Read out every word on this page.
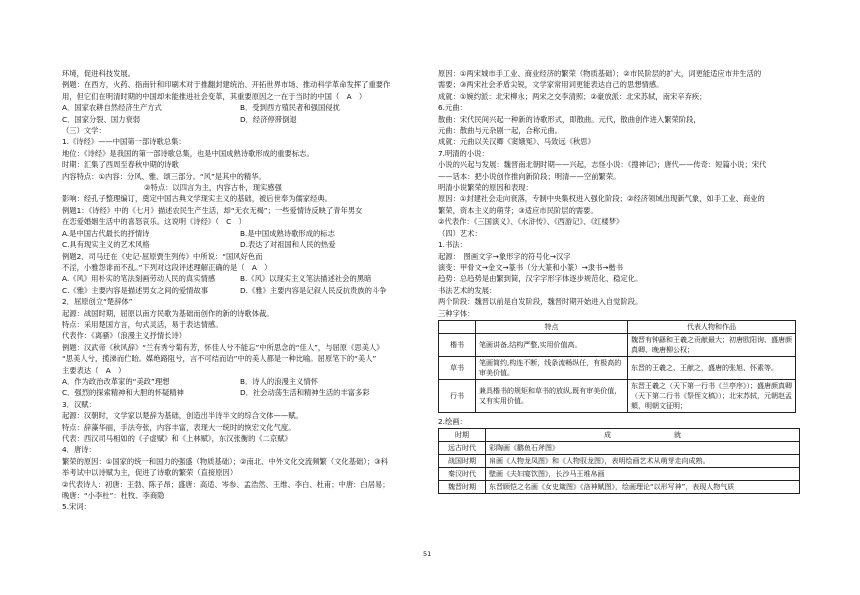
环境，促进科技发展。

例题：在西方，火药、指南针和印刷术对于推翻封建统治、开拓世界市场、推动科学革命发挥了重要作

用，但它们在明清时期的中国却未能推进社会变革，其重要原因之一在于当时的中国（　A　）

A．国家农耕自然经济生产方式	B．受到西方殖民者和强国侵扰

C．国家分裂、国力衰弱	D．经济停滞倒退

（三）文学：

1.《诗经》——中国第一部诗歌总集：

地位：《诗经》是我国的第一部诗歌总集，也是中国成熟诗歌形成的重要标志。

时期：汇集了西周至春秋中期的诗歌

内容特点：①内容：分风、雅、颂三部分。“风”是其中的精华。

②特点：以四言为主，内容古朴，现实感强

影响：经孔子整理编订，奠定中国古典文学现实主义的基础，被后世奉为儒家经典。

例题1：《诗经》中的《七月》描述农民生产生活，却“无衣无褐”；一些爱情诗反映了青年男女

在恋爱婚姻生活中的喜怒哀乐。这说明《诗经》（　C　）

A.是中国古代最长的抒情诗	B.是中国成熟诗歌形成的标志

C.具有现实主义的艺术风格	D.表达了对祖国和人民的热爱

例题2．司马迁在《史记·屈原贾生列传》中所说：“国风好色而

不淫，小雅怨诽而不乱。”下列对这段评述理解正确的是（　A　）

A.《风》用朴实的笔法刻画劳动人民的真实情感	B.《风》以现实主义笔法描述社会的黑暗

C.《雅》主要内容是描述男女之间的爱情故事	D.《雅》主要内容是记叙人民反抗贵族的斗争

2．屈原创立“楚辞体”

起源：战国时期，屈原以南方民歌为基础而创作的新的诗歌体裁。

特点：采用楚国方言，句式灵活，易于表达情感。

代表作：《离骚》（浪漫主义抒情长诗）

例题：汉武帝《秋风辞》“兰有秀兮菊有芳，怀佳人兮不能忘”中所思念的“佳人”，与屈原《思美人》

“思美人兮，揽涕而伫眙。媒绝路阻兮，言不可结而诒”中的美人都是一种比喻。屈原笔下的“美人”

主要表达（　A　）

A．作为政治改革家的“美政”理想	B．诗人的浪漫主义情怀

C．强烈的探索精神和大胆的怀疑精神	D．社会动荡生活和精神生活的丰富多彩

3．汉赋：

起源：汉朝时，文学家以楚辞为基础，创造出半诗半文的综合文体——赋。

特点：辞藻华丽，手法夸张，内容丰富，表现大一统时的恢宏文化气度。

代表：西汉司马相如的《子虚赋》和《上林赋》，东汉张衡的《二京赋》

4．唐诗：

繁荣的原因：①国家的统一和国力的强盛（物质基础）；②南北、中外文化交流频繁（文化基础）；③科

举考试中以诗赋为主，促进了诗歌的繁荣（直接原因）

②代表诗人：初唐：王勃、陈子昂；盛唐：高适、岑参、孟浩然、王维、李白、杜甫；中唐：白居易；

晚唐：“小李杜”：杜牧、李商隐

5.宋词：

原因：①两宋城市手工业、商业经济的繁荣（物质基础）；②市民阶层的扩大，词更能适应市井生活的

需要；③两宋社会矛盾尖锐，文学家常用词更能表达自己的思想情感。

成就：①婉约派：北宋柳永；两宋之交李清照；②豪放派：北宋苏轼，南宋辛弃疾；

6.元曲：

散曲：宋代民间兴起一种新的诗歌形式，即散曲。元代，散曲创作进入繁荣阶段，

元曲：散曲与元杂剧一起，合称元曲。

成就：元曲以关汉卿《窦娥冤》、马致远《秋思》

7.明清的小说：

小说的兴起与发展：魏晋南北朝时期——兴起，志怪小说：《搜神记》；唐代——传奇：短篇小说；宋代

——话本：把小说创作推向新阶段；明清——空前繁荣。

明清小说繁荣的原因和表现：

原因：①封建社会走向衰落，专制中央集权进入强化阶段；②经济领域出现新气象，如手工业、商业的

繁荣，资本主义的萌芽；③适应市民阶层的需要。

②代表作：《三国演义》、《水浒传》、《西游记》、《红楼梦》

（四）艺术：

1.书法：

起源：　图画文字→象形字的符号化→汉字

演变：甲骨文→金文→篆书（分大篆和小篆）→隶书→楷书

趋势：总趋势是由繁到简，汉字字形字体逐步规范化、稳定化。

书法艺术的发展：

两个阶段：魏晋以前是自发阶段，魏晋时期开始进入自觉阶段。

三种字体：

	特点	代表人物和作品
楷书	笔画讲备,结构严整,实用价值高。	魏晋有钟繇和王羲之贡献最大；初唐欧阳询、盛唐颜真卿、晚唐柳公权；
草书	笔画简约,构连不断，线条流畅纵任，有极高的审美价值。	东晋的王羲之、王献之，盛唐的张旭、怀素等。
行书	兼具楷书的规矩和草书的放纵,既有审美价值，又有实用价值。	东晋王羲之（天下第一行书《兰亭序》）；盛唐颜真卿（天下第二行书《祭侄文稿》）；北宋苏轼，元朝赵孟頫，明朝文征明；

2.绘画：

时期	成　　　　　　　　　就
远古时代	彩陶画《鹳鱼石斧图》
战国时期	帛画《人物龙凤图》和《人物驭龙图》，表明绘画艺术从萌芽走向成熟。
秦汉时代	壁画《夫妇宴饮图》，长沙马王堆帛画
魏晋时期	东晋顾恺之名画《女史箴图》《洛神赋图》，绘画理论“以形写神”，表现人物气质
51
